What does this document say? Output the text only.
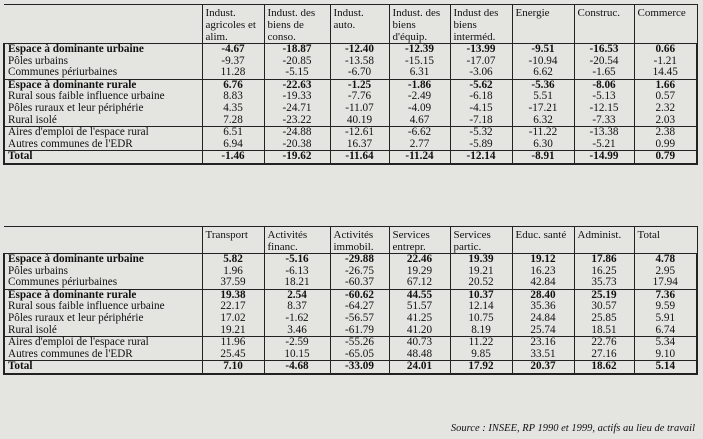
	Indust. agricoles et alim.	Indust. des biens de conso.	Indust. auto.	Indust. des biens d'équip.	Indust des biens interméd.	Energie	Construc.	Commerce
Espace à dominante urbaine	-4.67	-18.87	-12.40	-12.39	-13.99	-9.51	-16.53	0.66
Pôles urbains	-9.37	-20.85	-13.58	-15.15	-17.07	-10.94	-20.54	-1.21
Communes périurbaines	11.28	-5.15	-6.70	6.31	-3.06	6.62	-1.65	14.45
Espace à dominante rurale	6.76	-22.63	-1.25	-1.86	-5.62	-5.36	-8.06	1.66
Rural sous faible influence urbaine	8.83	-19.33	-7.76	-2.49	-6.18	5.51	-5.13	0.57
Pôles ruraux et leur périphérie	4.35	-24.71	-11.07	-4.09	-4.15	-17.21	-12.15	2.32
Rural isolé	7.28	-23.22	40.19	4.67	-7.18	6.32	-7.33	2.03
Aires d'emploi de l'espace rural	6.51	-24.88	-12.61	-6.62	-5.32	-11.22	-13.38	2.38
Autres communes de l'EDR	6.94	-20.38	16.37	2.77	-5.89	6.30	-5.21	0.99
Total	-1.46	-19.62	-11.64	-11.24	-12.14	-8.91	-14.99	0.79
	Transport	Activités financ.	Activités immobil.	Services entrepr.	Services partic.	Educ. santé	Administ.	Total
Espace à dominante urbaine	5.82	-5.16	-29.88	22.46	19.39	19.12	17.86	4.78
Pôles urbains	1.96	-6.13	-26.75	19.29	19.21	16.23	16.25	2.95
Communes périurbaines	37.59	18.21	-60.37	67.12	20.52	42.84	35.73	17.94
Espace à dominante rurale	19.38	2.54	-60.62	44.55	10.37	28.40	25.19	7.36
Rural sous faible influence urbaine	22.17	8.37	-64.27	51.57	12.14	35.36	30.57	9.59
Pôles ruraux et leur périphérie	17.02	-1.62	-56.57	41.25	10.75	24.84	25.85	5.91
Rural isolé	19.21	3.46	-61.79	41.20	8.19	25.74	18.51	6.74
Aires d'emploi de l'espace rural	11.96	-2.59	-55.26	40.73	11.22	23.16	22.76	5.34
Autres communes de l'EDR	25.45	10.15	-65.05	48.48	9.85	33.51	27.16	9.10
Total	7.10	-4.68	-33.09	24.01	17.92	20.37	18.62	5.14
Source : INSEE, RP 1990 et 1999, actifs au lieu de travail
